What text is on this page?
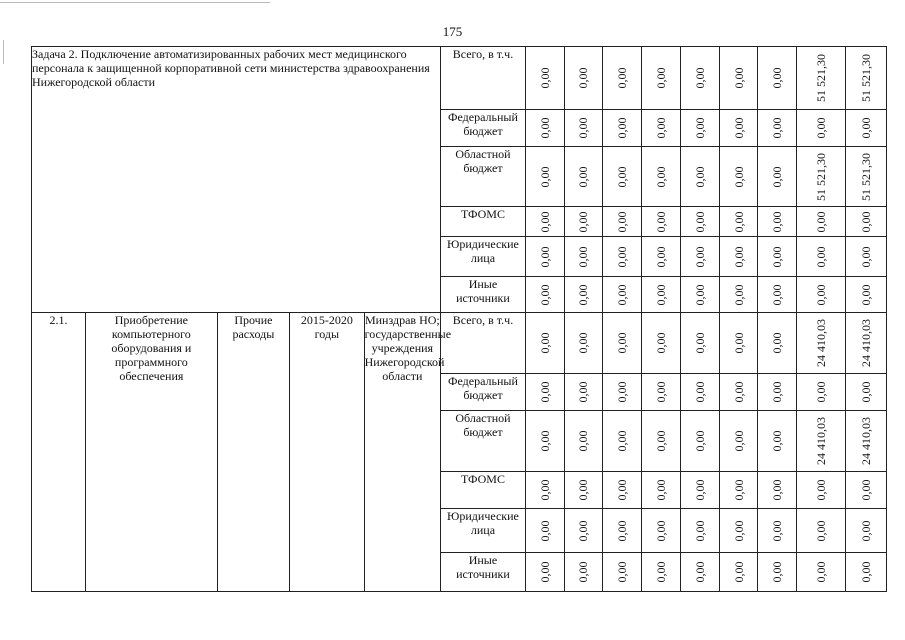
175
Задача 2. Подключение автоматизированных рабочих мест медицинского персонала к защищенной корпоративной сети министерства здравоохранения Нижегородской области					Всего, в т.ч.	0,00	0,00	0,00	0,00	0,00	0,00	0,00	51 521,30	51 521,30

					Федеральный бюджет	0,00	0,00	0,00	0,00	0,00	0,00	0,00	0,00	0,00

					Областной бюджет	0,00	0,00	0,00	0,00	0,00	0,00	0,00	51 521,30	51 521,30

					ТФОМС	0,00	0,00	0,00	0,00	0,00	0,00	0,00	0,00	0,00

					Юридические лица	0,00	0,00	0,00	0,00	0,00	0,00	0,00	0,00	0,00

					Иные источники	0,00	0,00	0,00	0,00	0,00	0,00	0,00	0,00	0,00

2.1.	Приобретение компьютерного оборудования и программного обеспечения	Прочие расходы	2015-2020 годы	Минздрав НО; государственные учреждения Нижегородской области	Всего, в т.ч.	0,00	0,00	0,00	0,00	0,00	0,00	0,00	24 410,03	24 410,03

					Федеральный бюджет	0,00	0,00	0,00	0,00	0,00	0,00	0,00	0,00	0,00

					Областной бюджет	0,00	0,00	0,00	0,00	0,00	0,00	0,00	24 410,03	24 410,03

					ТФОМС	0,00	0,00	0,00	0,00	0,00	0,00	0,00	0,00	0,00

					Юридические лица	0,00	0,00	0,00	0,00	0,00	0,00	0,00	0,00	0,00

					Иные источники	0,00	0,00	0,00	0,00	0,00	0,00	0,00	0,00	0,00
